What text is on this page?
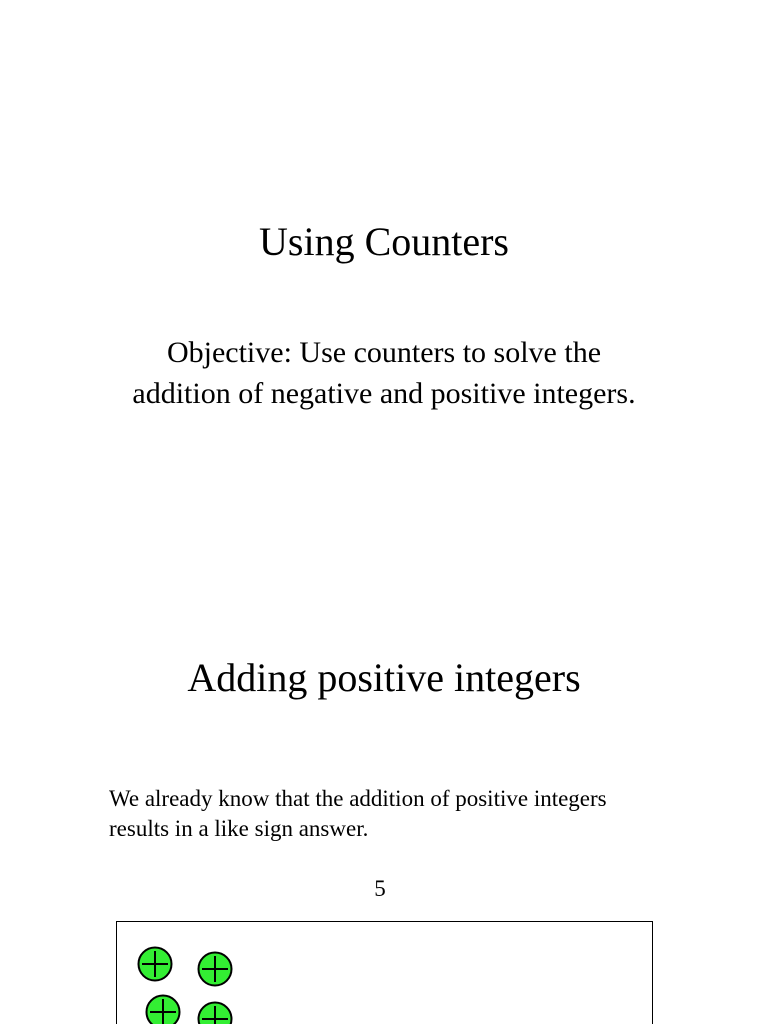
Using Counters
Objective: Use counters to solve the addition of negative and positive integers.
Adding positive integers
We already know that the addition of positive integers results in a like sign answer.
5
